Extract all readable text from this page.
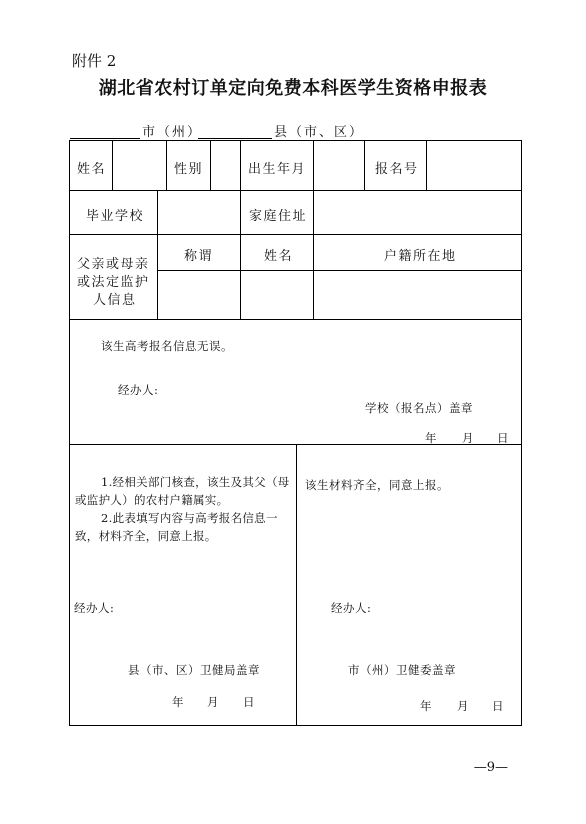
附件 2
湖北省农村订单定向免费本科医学生资格申报表
市（州）	县（市、区）
姓名	性别	出生年月	报名号
毕业学校	家庭住址
父亲或母亲
或法定监护
人信息
称谓	姓名	户籍所在地
该生高考报名信息无误。
经办人:
学校（报名点）盖章
年 月 日
1.经相关部门核查，该生及其父（母
或监护人）的农村户籍属实。
2.此表填写内容与高考报名信息一
致，材料齐全，同意上报。
经办人:
县（市、区）卫健局盖章
年 月 日
该生材料齐全，同意上报。
经办人:
市（州）卫健委盖章
年 月 日
—9—
